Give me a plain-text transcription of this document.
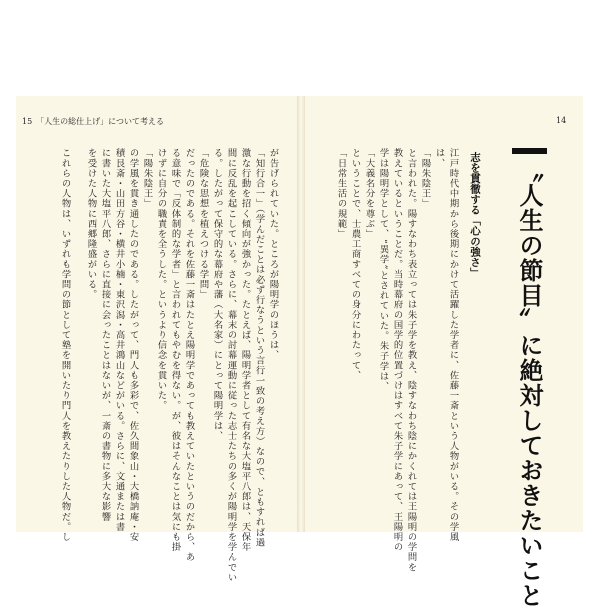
15　「人生の総仕上げ」について考える	14
〝人生の節目〟に絶対しておきたいこと
志を貫徹する「心の強さ」
江戸時代中期から後期にかけて活躍した学者に、佐藤一斎という人物がいる。その学風
は、
「陽朱陰王」
と言われた。陽すなわち表立っては朱子学を教え、陰すなわち陰にかくれては王陽明の学問を
教えているということだ。当時幕府の国学的位置づけはすべて朱子学にあって、王陽明の
学は陽明学として、“異学”とされていた。朱子学は、
「大義名分を尊ぶ」
ということで、士農工商すべての身分にわたって、
「日常生活の規範」
が告げられていた。ところが陽明学のほうは、
「知行合一」（学んだことは必ず行なうという言行一致の考え方）なので、ともすれば過
激な行動を招く傾向が強かった。たとえば、陽明学者として有名な大塩平八郎は、天保年
間に反乱を起こしている。さらに、幕末の討幕運動に従った志士たちの多くが陽明学を学んでい
る。したがって保守的な幕府や藩（大名家）にとって陽明学は、
「危険な思想を植えつける学問」
だったのである。それを佐藤一斎はたとえ陽明学であっても教えていたというのだから、あ
る意味で「反体制的な学者」と言われてもやむを得ない。が、彼はそんなことは気にも掛
けずに自分の職責を全うした。というより信念を貫いた。
「陽朱陰王」
の学風を貫き通したのである。したがって、門人も多彩で、佐久間象山・大橋訥庵・安
積艮斎・山田方谷・横井小楠・東沢潟・高井鴻山などがいる。さらに、文通または書
に書いた大塩平八郎、さらに直接に会ったことはないが、一斎の書物に多大な影響
を受けた人物に西郷隆盛がいる。
これらの人物は、いずれも学問の節として塾を開いたり門人を教えたりした人物だ。し
